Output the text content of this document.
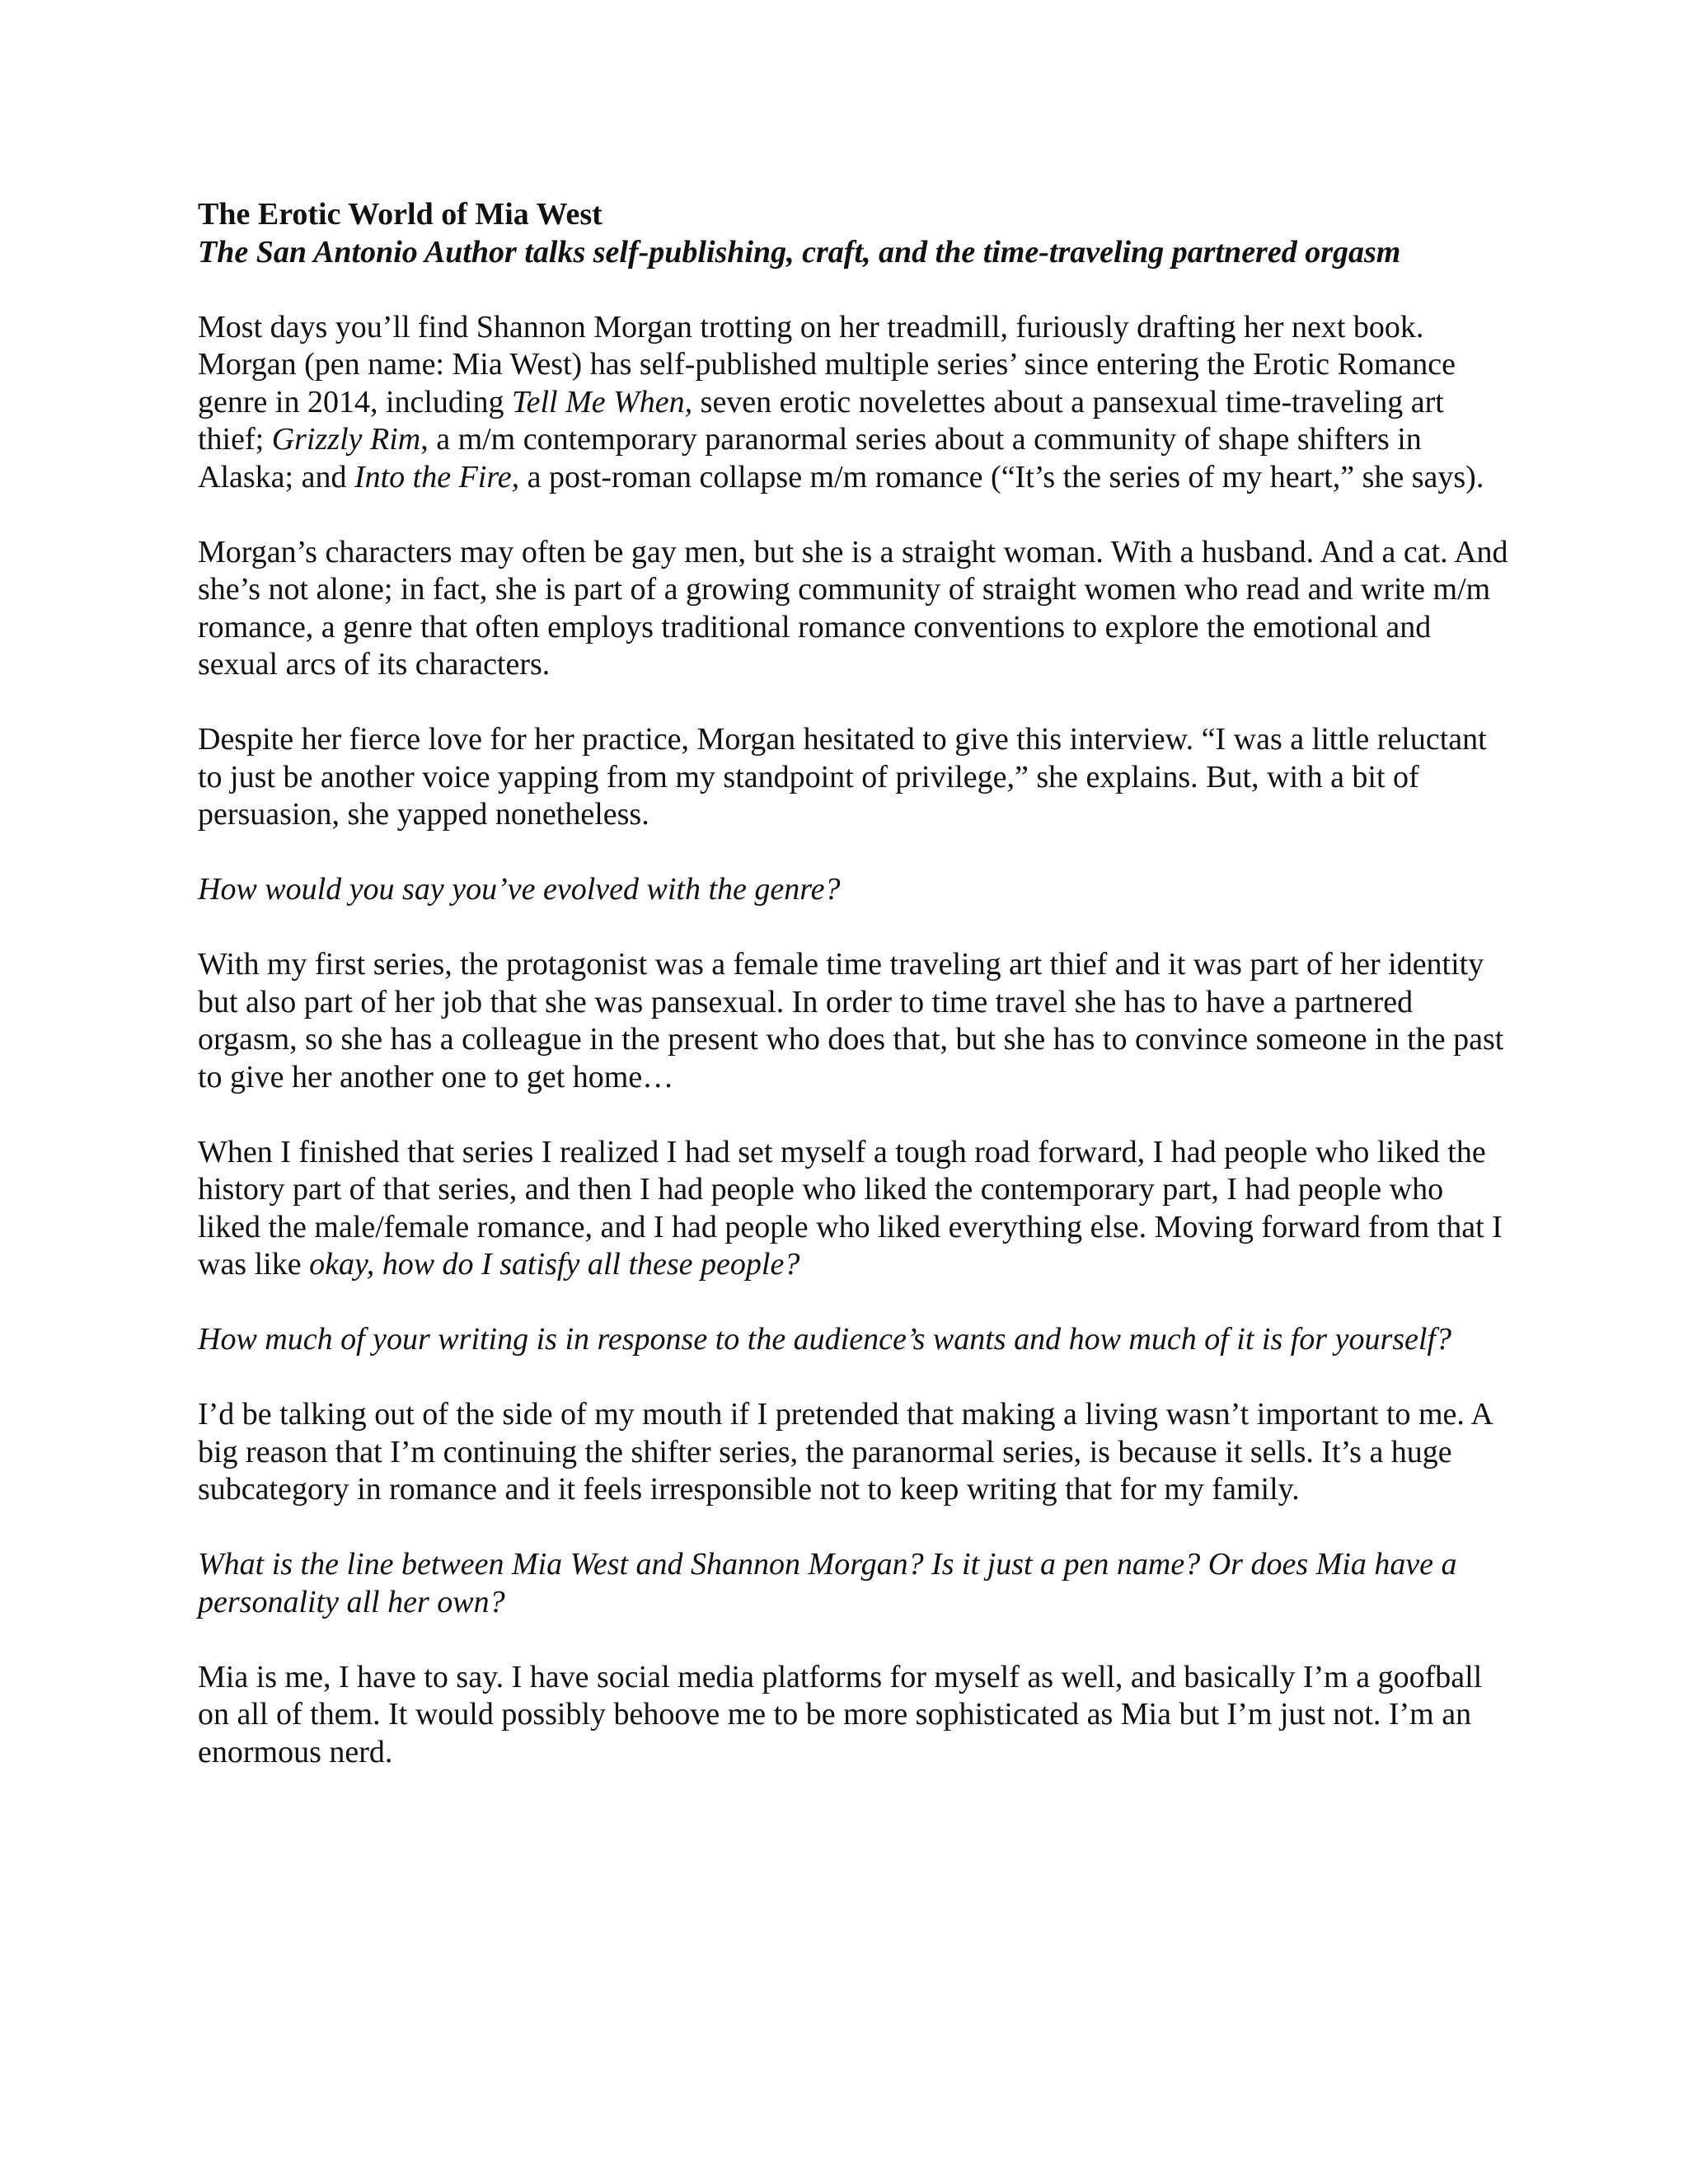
The Erotic World of Mia West
The San Antonio Author talks self-publishing, craft, and the time-traveling partnered orgasm

Most days you’ll find Shannon Morgan trotting on her treadmill, furiously drafting her next book. Morgan (pen name: Mia West) has self-published multiple series’ since entering the Erotic Romance genre in 2014, including Tell Me When, seven erotic novelettes about a pansexual time-traveling art thief; Grizzly Rim, a m/m contemporary paranormal series about a community of shape shifters in Alaska; and Into the Fire, a post-roman collapse m/m romance (“It’s the series of my heart,” she says).

Morgan’s characters may often be gay men, but she is a straight woman. With a husband. And a cat. And she’s not alone; in fact, she is part of a growing community of straight women who read and write m/m romance, a genre that often employs traditional romance conventions to explore the emotional and sexual arcs of its characters.

Despite her fierce love for her practice, Morgan hesitated to give this interview. “I was a little reluctant to just be another voice yapping from my standpoint of privilege,” she explains. But, with a bit of persuasion, she yapped nonetheless.

How would you say you’ve evolved with the genre?

With my first series, the protagonist was a female time traveling art thief and it was part of her identity but also part of her job that she was pansexual. In order to time travel she has to have a partnered orgasm, so she has a colleague in the present who does that, but she has to convince someone in the past to give her another one to get home…

When I finished that series I realized I had set myself a tough road forward, I had people who liked the history part of that series, and then I had people who liked the contemporary part, I had people who liked the male/female romance, and I had people who liked everything else. Moving forward from that I was like okay, how do I satisfy all these people?

How much of your writing is in response to the audience’s wants and how much of it is for yourself?

I’d be talking out of the side of my mouth if I pretended that making a living wasn’t important to me. A big reason that I’m continuing the shifter series, the paranormal series, is because it sells. It’s a huge subcategory in romance and it feels irresponsible not to keep writing that for my family.

What is the line between Mia West and Shannon Morgan? Is it just a pen name? Or does Mia have a personality all her own?

Mia is me, I have to say. I have social media platforms for myself as well, and basically I’m a goofball on all of them. It would possibly behoove me to be more sophisticated as Mia but I’m just not. I’m an enormous nerd.
